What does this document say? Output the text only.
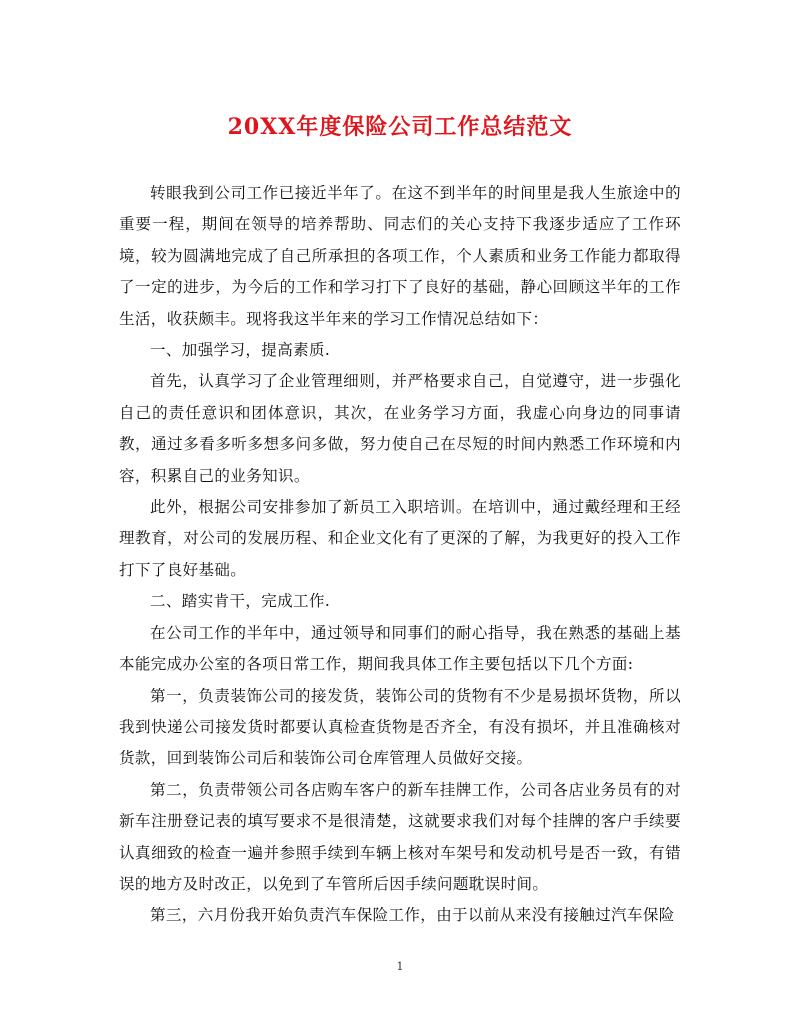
20XX年度保险公司工作总结范文

转眼我到公司工作已接近半年了。在这不到半年的时间里是我人生旅途中的重要一程，期间在领导的培养帮助、同志们的关心支持下我逐步适应了工作环境，较为圆满地完成了自己所承担的各项工作，个人素质和业务工作能力都取得了一定的进步，为今后的工作和学习打下了良好的基础，静心回顾这半年的工作生活，收获颇丰。现将我这半年来的学习工作情况总结如下：

一、加强学习，提高素质.

首先，认真学习了企业管理细则，并严格要求自己，自觉遵守，进一步强化自己的责任意识和团体意识，其次，在业务学习方面，我虚心向身边的同事请教，通过多看多听多想多问多做，努力使自己在尽短的时间内熟悉工作环境和内容，积累自己的业务知识。

此外，根据公司安排参加了新员工入职培训。在培训中，通过戴经理和王经理教育，对公司的发展历程、和企业文化有了更深的了解，为我更好的投入工作打下了良好基础。

二、踏实肯干，完成工作.

在公司工作的半年中，通过领导和同事们的耐心指导，我在熟悉的基础上基本能完成办公室的各项日常工作，期间我具体工作主要包括以下几个方面:

第一，负责装饰公司的接发货，装饰公司的货物有不少是易损坏货物，所以我到快递公司接发货时都要认真检查货物是否齐全，有没有损坏，并且准确核对货款，回到装饰公司后和装饰公司仓库管理人员做好交接。

第二，负责带领公司各店购车客户的新车挂牌工作，公司各店业务员有的对新车注册登记表的填写要求不是很清楚，这就要求我们对每个挂牌的客户手续要认真细致的检查一遍并参照手续到车辆上核对车架号和发动机号是否一致，有错误的地方及时改正，以免到了车管所后因手续问题耽误时间。

第三，六月份我开始负责汽车保险工作，由于以前从来没有接触过汽车保险

1
